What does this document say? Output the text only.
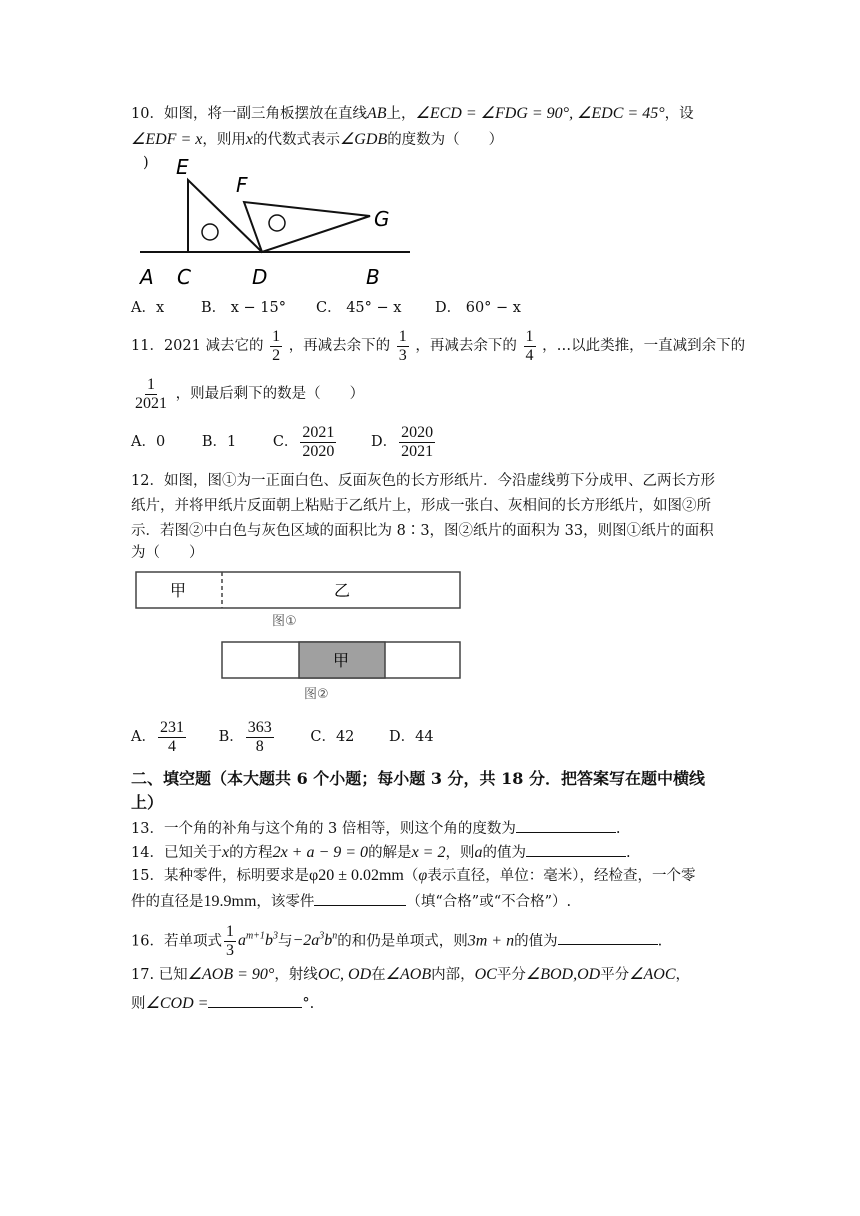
10．如图，将一副三角板摆放在直线AB上，∠ECD = ∠FDG = 90°, ∠EDC = 45°，设
∠EDF = x，则用x的代数式表示∠GDB的度数为（　　）
) E
F
G
A C	D	B
A．x	B． x − 15° C． 45° − x D． 60° − x
11．2021 减去它的 $\frac{1}{2}$ ，再减去余下的 $\frac{1}{3}$ ，再减去余下的 $\frac{1}{4}$ ，…以此类推，一直减到余下的
$\frac{1}{2021}$ ，则最后剩下的数是（　　）
A．0	B．1	C． $\frac{2021}{2020}$ D． $\frac{2020}{2021}$
12．如图，图①为一正面白色、反面灰色的长方形纸片．今沿虚线剪下分成甲、乙两长方形
纸片，并将甲纸片反面朝上粘贴于乙纸片上，形成一张白、灰相间的长方形纸片，如图②所
示．若图②中白色与灰色区域的面积比为 8∶3，图②纸片的面积为 33，则图①纸片的面积
为（　　）
甲	乙
图①
甲
图②
A． $\frac{231}{4}$ B． $\frac{363}{8}$	C．42 D．44
二、填空题（本大题共 6 个小题；每小题 3 分，共 18 分．把答案写在题中横线
上）
13．一个角的补角与这个角的 3 倍相等，则这个角的度数为	.
14．已知关于x的方程2x + a − 9 = 0的解是x = 2，则a的值为	.
15．某种零件，标明要求是φ20 ± 0.02mm（φ表示直径，单位：毫米），经检查，一个零
件的直径是19.9mm，该零件	（填“合格”或“不合格”）.
16．若单项式 $\frac{1}{3} a^{m+1}b^3$与$-2a^3b^n$的和仍是单项式，则3m + n的值为	.
17. 已知∠AOB = 90°，射线OC, OD在∠AOB内部，OC平分∠BOD,OD平分∠AOC，
则∠COD =	°.
